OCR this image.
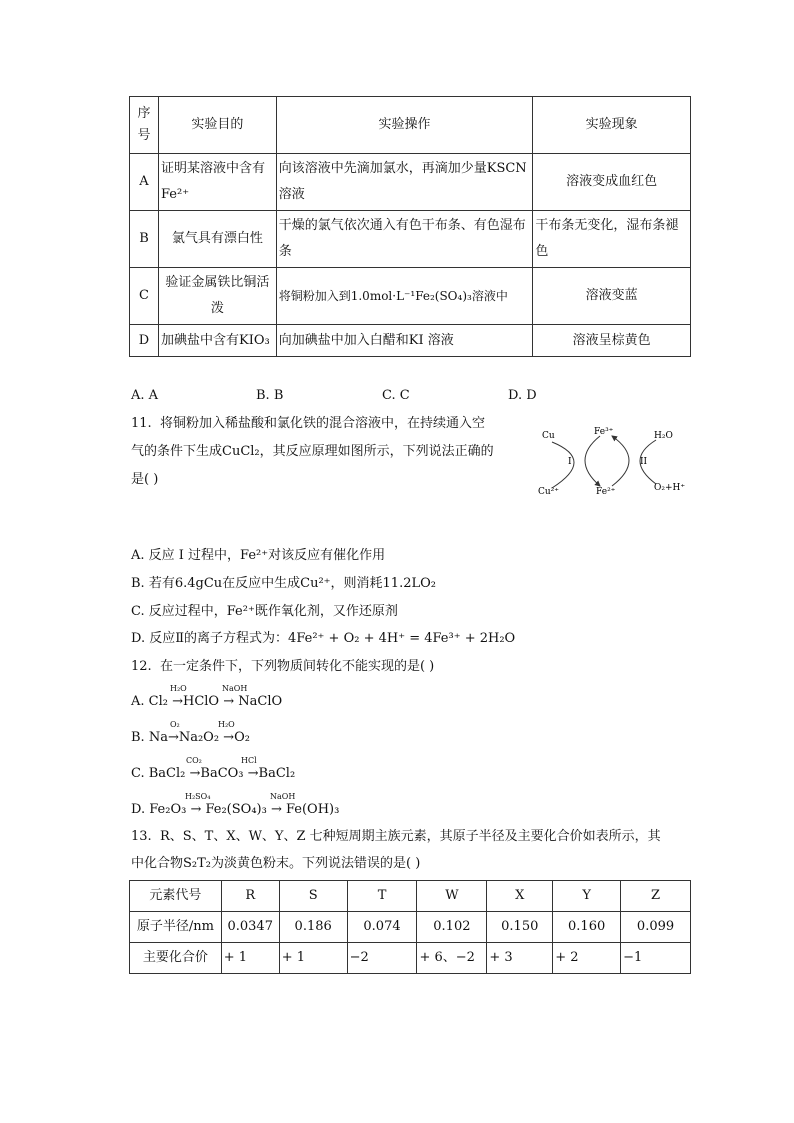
序号	实验目的	实验操作	实验现象
A	证明某溶液中含有Fe²⁺	向该溶液中先滴加氯水，再滴加少量KSCN 溶液	溶液变成血红色
B	氯气具有漂白性	干燥的氯气依次通入有色干布条、有色湿布条	干布条无变化，湿布条褪色
C	验证金属铁比铜活泼	将铜粉加入到1.0mol·L⁻¹Fe₂(SO₄)₃溶液中	溶液变蓝
D	加碘盐中含有KIO₃	向加碘盐中加入白醋和KI 溶液	溶液呈棕黄色
A. A	B. B	C. C	D. D
11. 将铜粉加入稀盐酸和氯化铁的混合溶液中，在持续通入空
气的条件下生成CuCl₂，其反应原理如图所示，下列说法正确的
是( )
Cu
Cu²⁺
Fe³⁺
Fe²⁺
H₂O
O₂+H⁺
I	II
A. 反应 I 过程中，Fe²⁺对该反应有催化作用
B. 若有6.4gCu在反应中生成Cu²⁺，则消耗11.2LO₂
C. 反应过程中，Fe²⁺既作氧化剂，又作还原剂
D. 反应Ⅱ的离子方程式为：4Fe²⁺ + O₂ + 4H⁺ = 4Fe³⁺ + 2H₂O
12. 在一定条件下，下列物质间转化不能实现的是( )
H₂O	NaOH
A. Cl₂ →HClO → NaClO
O₂	H₂O
B. Na→Na₂O₂ →O₂
CO₂	HCl
C. BaCl₂ →BaCO₃ →BaCl₂
H₂SO₄	NaOH
D. Fe₂O₃ → Fe₂(SO₄)₃ → Fe(OH)₃
13. R、S、T、X、W、Y、Z 七种短周期主族元素，其原子半径及主要化合价如表所示，其
中化合物S₂T₂为淡黄色粉末。下列说法错误的是( )
元素代号	R	S	T	W	X	Y	Z
原子半径/nm	0.0347	0.186	0.074	0.102	0.150	0.160	0.099
主要化合价	+ 1	+ 1	−2	+ 6、−2	+ 3	+ 2	−1
